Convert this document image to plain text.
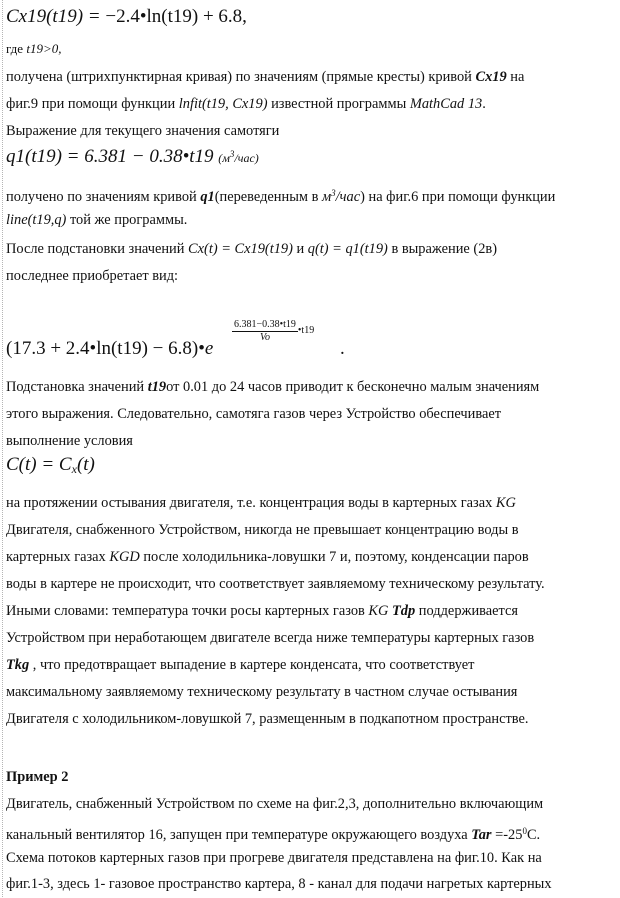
Cx19(t19) = −2.4•ln(t19) + 6.8,
где t19>0,
получена (штрихпунктирная кривая) по значениям (прямые кресты) кривой Cx19 на
фиг.9 при помощи функции lnfit(t19, Cx19) известной программы MathCad 13.
Выражение для текущего значения самотяги
q1(t19) = 6.381 − 0.38•t19 $(м^3/час)$
получено по значениям кривой q1(переведенным в $м^3/час$) на фиг.6 при помощи функции
line(t19,q) той же программы.
После подстановки значений Cx(t) = Cx19(t19) и q(t) = q1(t19) в выражение (2в)
последнее приобретает вид:
(17.3 + 2.4•ln(t19) − 6.8)•e
$\frac{6.381-0.38•t19}{Vo}$ •t19
.
Подстановка значений t19от 0.01 до 24 часов приводит к бесконечно малым значениям
этого выражения. Следовательно, самотяга газов через Устройство обеспечивает
выполнение условия
$C(t) = C_x(t)$
на протяжении остывания двигателя, т.е. концентрация воды в картерных газах KG
Двигателя, снабженного Устройством, никогда не превышает концентрацию воды в
картерных газах KGD после холодильника-ловушки 7 и, поэтому, конденсации паров
воды в картере не происходит, что соответствует заявляемому техническому результату.
Иными словами: температура точки росы картерных газов KG Tdp поддерживается
Устройством при неработающем двигателе всегда ниже температуры картерных газов
Tkg , что предотвращает выпадение в картере конденсата, что соответствует
максимальному заявляемому техническому результату в частном случае остывания
Двигателя с холодильником-ловушкой 7, размещенным в подкапотном пространстве.
Пример 2
Двигатель, снабженный Устройством по схеме на фиг.2,3, дополнительно включающим
канальный вентилятор 16, запущен при температуре окружающего воздуха Tar $=-25^0C$.
Схема потоков картерных газов при прогреве двигателя представлена на фиг.10. Как на
фиг.1-3, здесь 1- газовое пространство картера, 8 - канал для подачи нагретых картерных
